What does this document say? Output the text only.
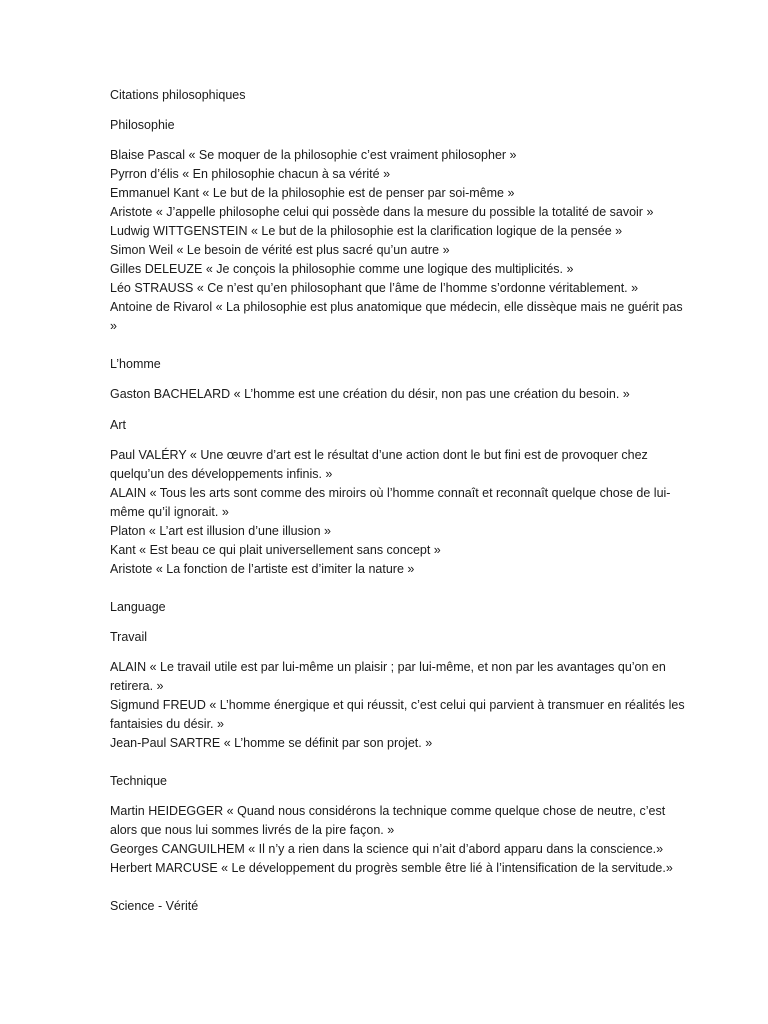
Citations philosophiques

Philosophie

Blaise Pascal « Se moquer de la philosophie c’est vraiment philosopher »

Pyrron d’élis « En philosophie chacun à sa vérité »

Emmanuel Kant « Le but de la philosophie est de penser par soi-même »

Aristote « J’appelle philosophe celui qui possède dans la mesure du possible la totalité de savoir »

Ludwig WITTGENSTEIN « Le but de la philosophie est la clarification logique de la pensée »

Simon Weil « Le besoin de vérité est plus sacré qu’un autre »

Gilles DELEUZE « Je conçois la philosophie comme une logique des multiplicités. »

Léo STRAUSS « Ce n’est qu’en philosophant que l’âme de l’homme s’ordonne véritablement. »

Antoine de Rivarol « La philosophie est plus anatomique que médecin, elle dissèque mais ne guérit pas »

L’homme

Gaston BACHELARD « L’homme est une création du désir, non pas une création du besoin. »

Art

Paul VALÉRY « Une œuvre d’art est le résultat d’une action dont le but fini est de provoquer chez quelqu’un des développements infinis. »

ALAIN « Tous les arts sont comme des miroirs où l’homme connaît et reconnaît quelque chose de lui-même qu’il ignorait. »

Platon « L’art est illusion d’une illusion »

Kant « Est beau ce qui plait universellement sans concept »

Aristote « La fonction de l’artiste est d’imiter la nature »

Language

Travail

ALAIN « Le travail utile est par lui-même un plaisir ; par lui-même, et non par les avantages qu’on en retirera. »

Sigmund FREUD « L’homme énergique et qui réussit, c’est celui qui parvient à transmuer en réalités les fantaisies du désir. »

Jean-Paul SARTRE « L’homme se définit par son projet. »

Technique

Martin HEIDEGGER « Quand nous considérons la technique comme quelque chose de neutre, c’est alors que nous lui sommes livrés de la pire façon. »

Georges CANGUILHEM « Il n’y a rien dans la science qui n’ait d’abord apparu dans la conscience.»

Herbert MARCUSE « Le développement du progrès semble être lié à l’intensification de la servitude.»

Science - Vérité
